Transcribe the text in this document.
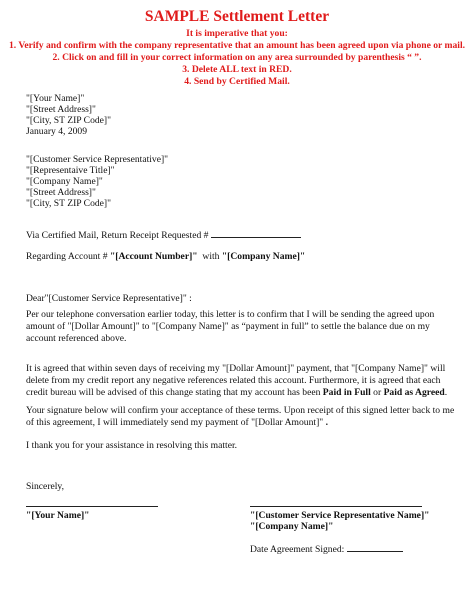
SAMPLE Settlement Letter
It is imperative that you:
1. Verify and confirm with the company representative that an amount has been agreed upon via phone or mail.
2. Click on and fill in your correct information on any area surrounded by parenthesis “ ”.
3. Delete ALL text in RED.
4. Send by Certified Mail.
"[Your Name]"
"[Street Address]"
"[City, ST ZIP Code]"
January 4, 2009
"[Customer Service Representative]"
"[Representaive Title]"
"[Company Name]"
"[Street Address]"
"[City, ST ZIP Code]"
Via Certified Mail, Return Receipt Requested #
Regarding Account # "[Account Number]"  with "[Company Name]"
Dear"[Customer Service Representative]" :
Per our telephone conversation earlier today, this letter is to confirm that I will be sending the agreed upon amount of "[Dollar Amount]" to "[Company Name]" as “payment in full” to settle the balance due on my account referenced above.
It is agreed that within seven days of receiving my "[Dollar Amount]" payment, that "[Company Name]" will delete from my credit report any negative references related this account. Furthermore, it is agreed that each credit bureau will be advised of this change stating that my account has been Paid in Full or Paid as Agreed.
Your signature below will confirm your acceptance of these terms. Upon receipt of this signed letter back to me of this agreement, I will immediately send my payment of "[Dollar Amount]" .
I thank you for your assistance in resolving this matter.
Sincerely,
"[Your Name]"	"[Customer Service Representative Name]"
"[Company Name]"
Date Agreement Signed:
